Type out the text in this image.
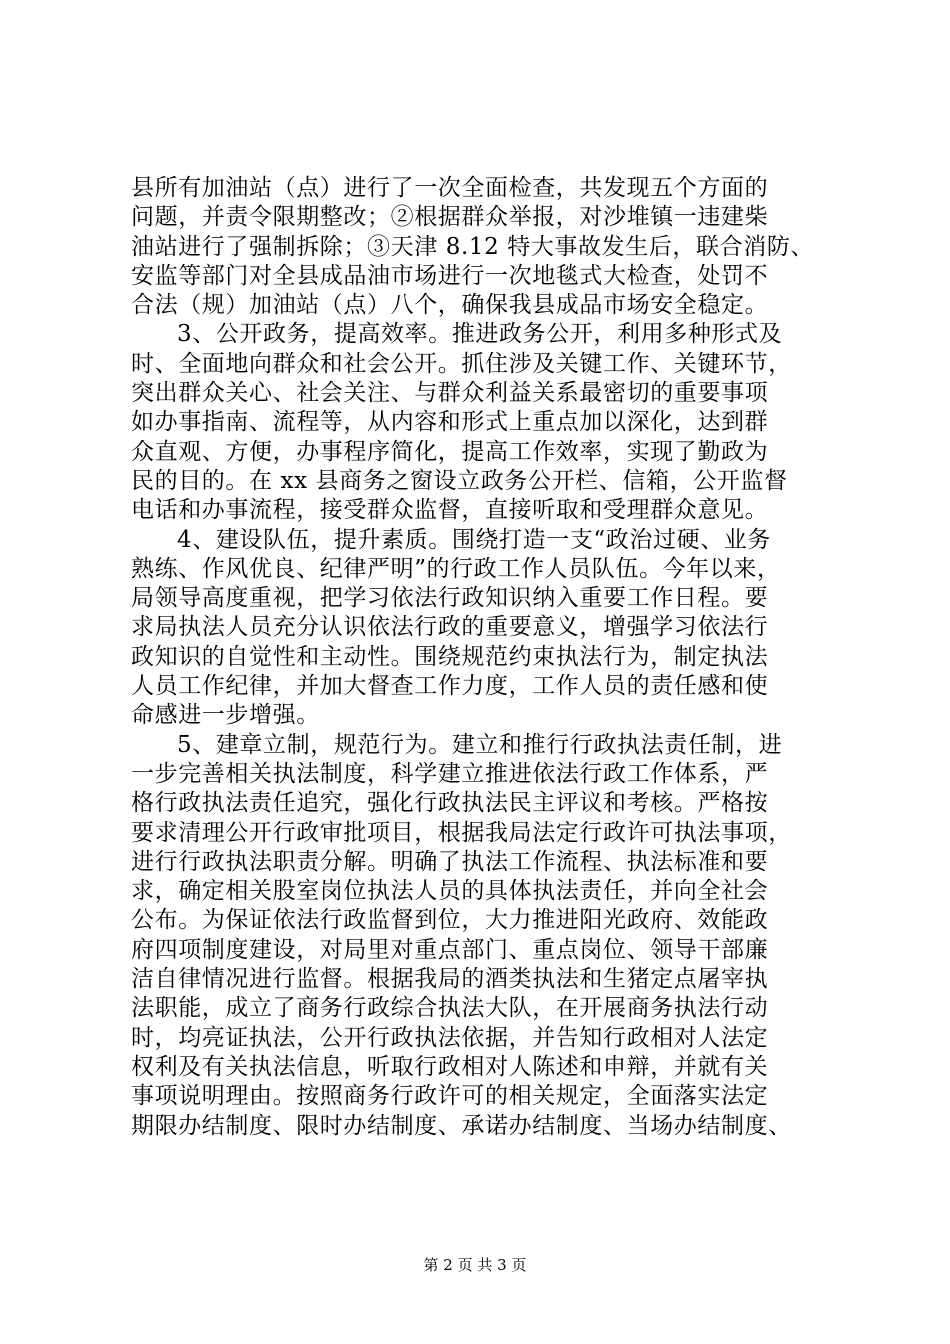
县所有加油站（点）进行了一次全面检查，共发现五个方面的
问题，并责令限期整改；②根据群众举报，对沙堆镇一违建柴
油站进行了强制拆除；③天津 8.12 特大事故发生后，联合消防、
安监等部门对全县成品油市场进行一次地毯式大检查，处罚不
合法（规）加油站（点）八个，确保我县成品市场安全稳定。
3、公开政务，提高效率。推进政务公开，利用多种形式及
时、全面地向群众和社会公开。抓住涉及关键工作、关键环节，
突出群众关心、社会关注、与群众利益关系最密切的重要事项
如办事指南、流程等，从内容和形式上重点加以深化，达到群
众直观、方便，办事程序简化，提高工作效率，实现了勤政为
民的目的。在 xx 县商务之窗设立政务公开栏、信箱，公开监督
电话和办事流程，接受群众监督，直接听取和受理群众意见。
4、建设队伍，提升素质。围绕打造一支“政治过硬、业务
熟练、作风优良、纪律严明”的行政工作人员队伍。今年以来，
局领导高度重视，把学习依法行政知识纳入重要工作日程。要
求局执法人员充分认识依法行政的重要意义，增强学习依法行
政知识的自觉性和主动性。围绕规范约束执法行为，制定执法
人员工作纪律，并加大督查工作力度，工作人员的责任感和使
命感进一步增强。
5、建章立制，规范行为。建立和推行行政执法责任制，进
一步完善相关执法制度，科学建立推进依法行政工作体系，严
格行政执法责任追究，强化行政执法民主评议和考核。严格按
要求清理公开行政审批项目，根据我局法定行政许可执法事项，
进行行政执法职责分解。明确了执法工作流程、执法标准和要
求，确定相关股室岗位执法人员的具体执法责任，并向全社会
公布。为保证依法行政监督到位，大力推进阳光政府、效能政
府四项制度建设，对局里对重点部门、重点岗位、领导干部廉
洁自律情况进行监督。根据我局的酒类执法和生猪定点屠宰执
法职能，成立了商务行政综合执法大队，在开展商务执法行动
时，均亮证执法，公开行政执法依据，并告知行政相对人法定
权利及有关执法信息，听取行政相对人陈述和申辩，并就有关
事项说明理由。按照商务行政许可的相关规定，全面落实法定
期限办结制度、限时办结制度、承诺办结制度、当场办结制度、
第 2 页 共 3 页
